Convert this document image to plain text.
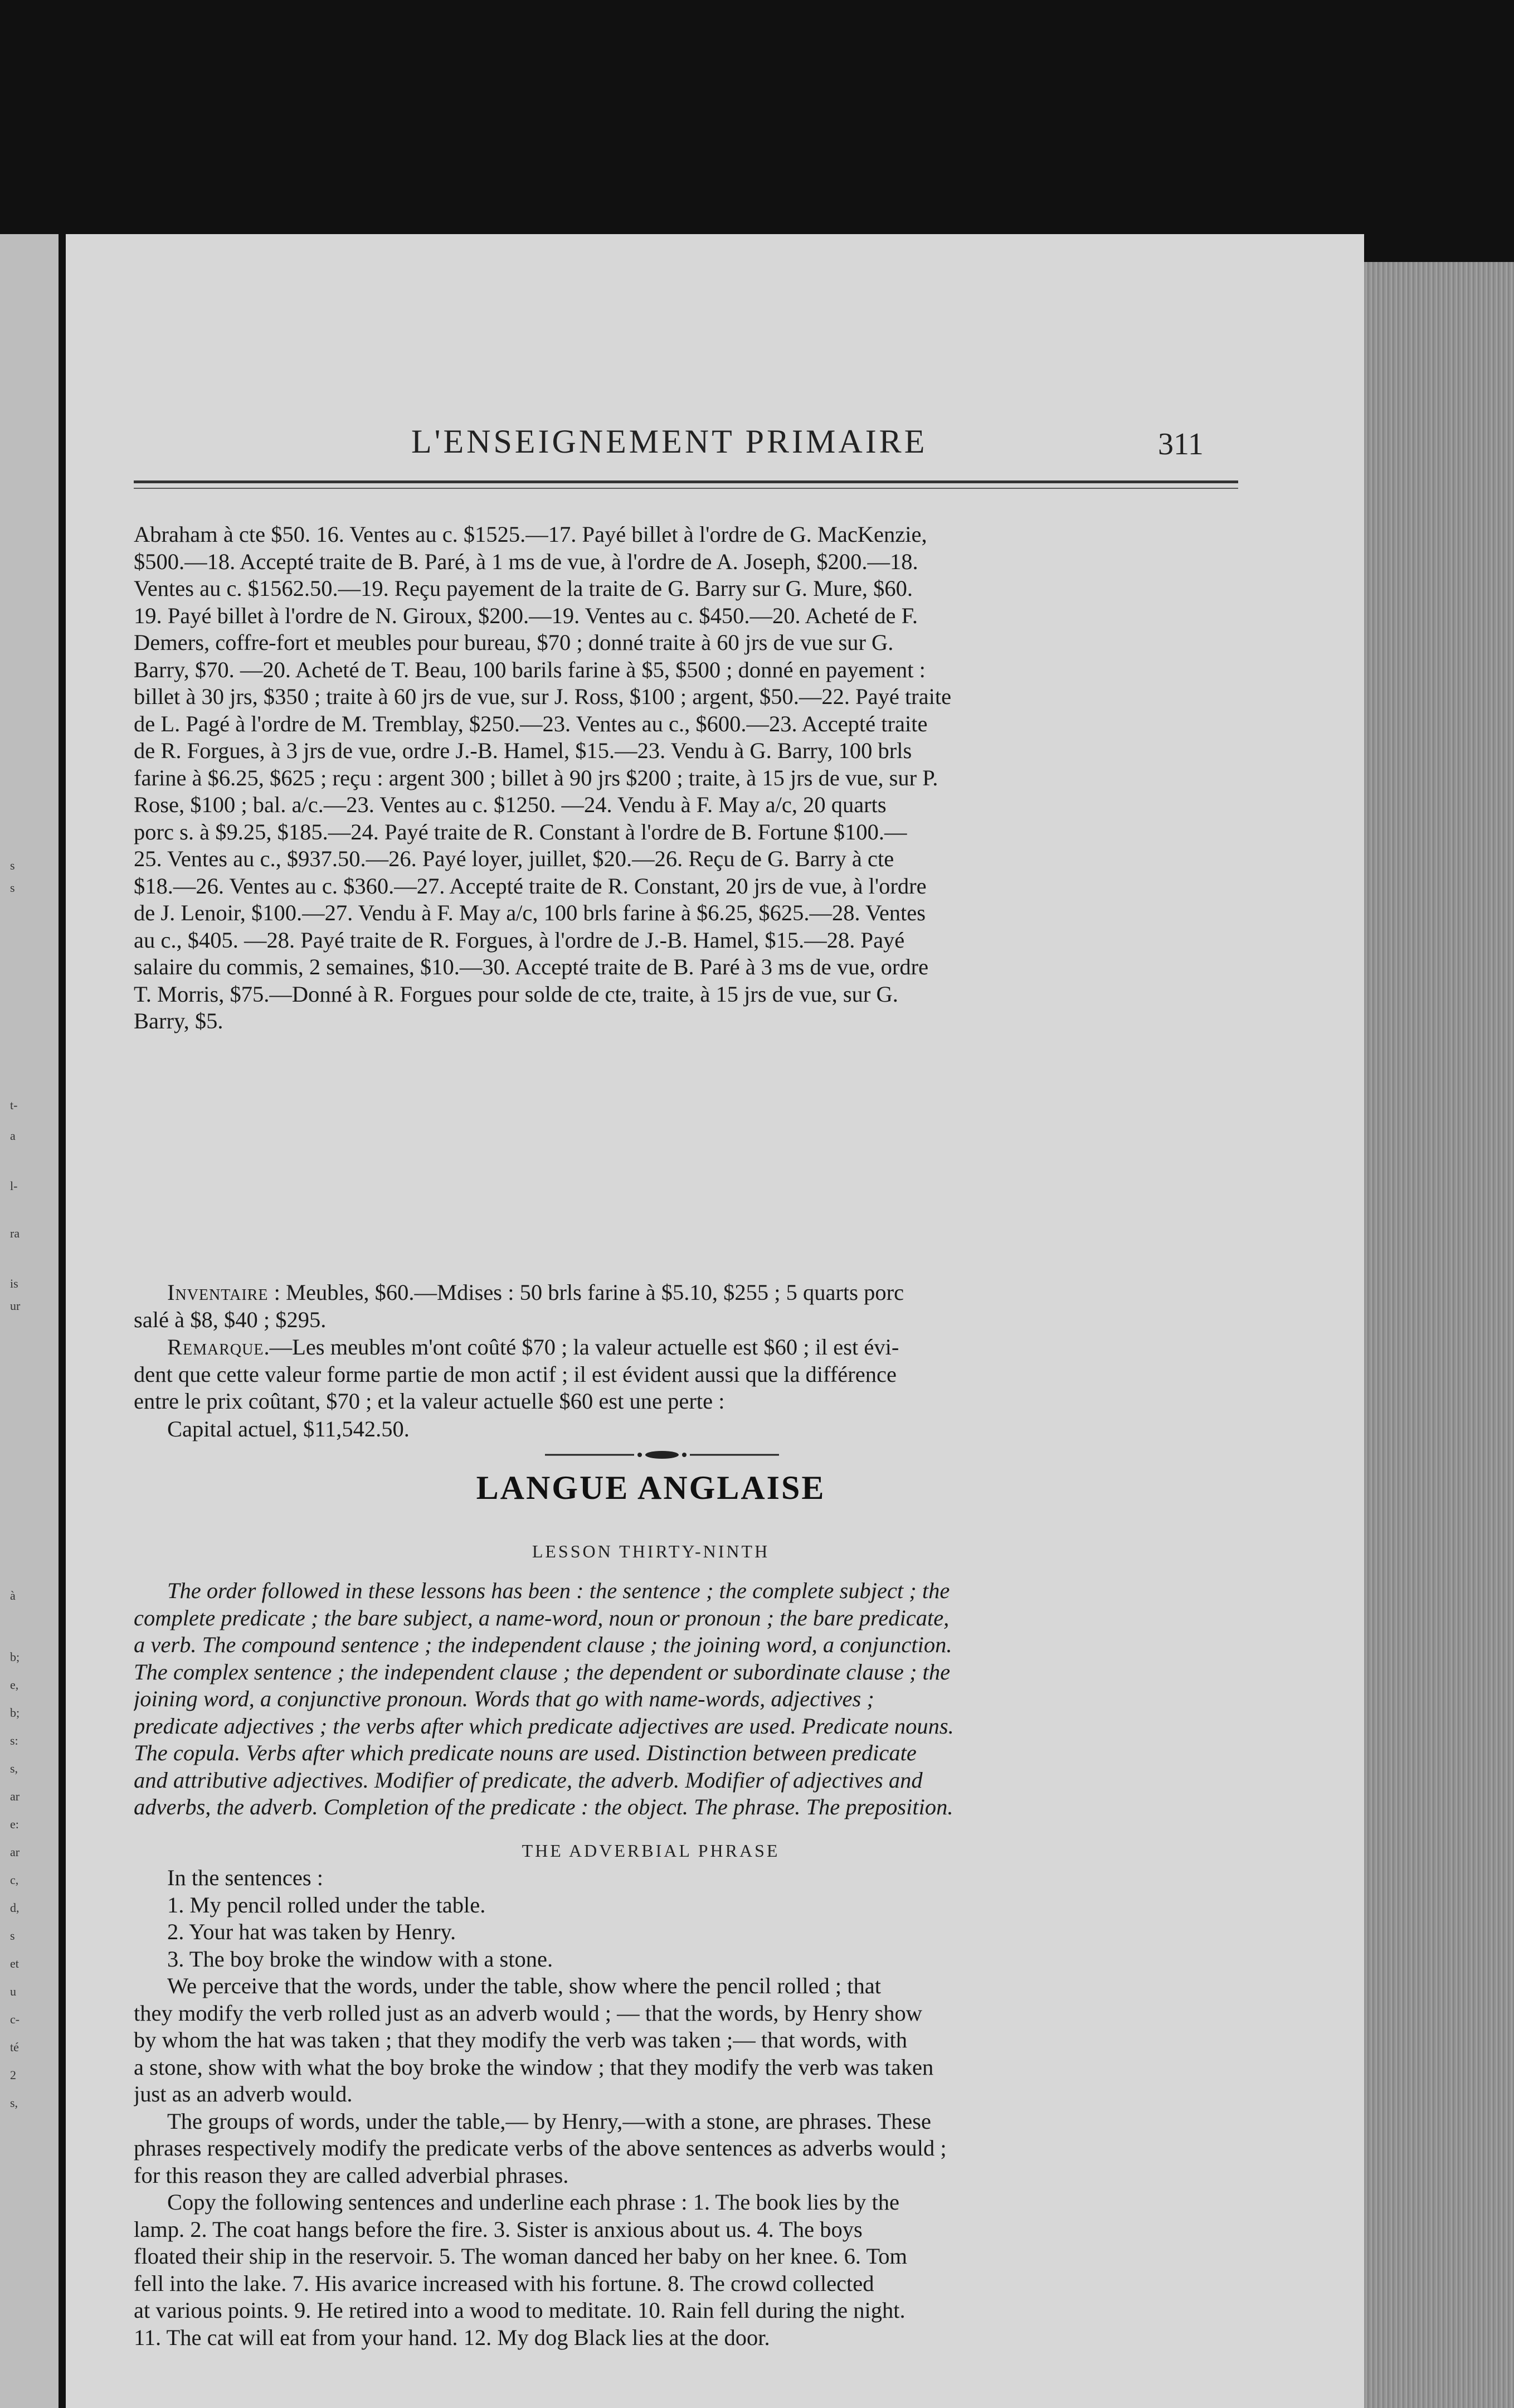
s
s
t-
a
l-
ra
is
ur
à
b;
e,
b;
s:
s,
ar
e:
ar
c,
d,
s
et
u
c-
té
2
s,
L'ENSEIGNEMENT PRIMAIRE	311
Abraham à cte $50. 16. Ventes au c. $1525.—17. Payé billet à l'ordre de G. MacKenzie,
$500.—18. Accepté traite de B. Paré, à 1 ms de vue, à l'ordre de A. Joseph, $200.—18.
Ventes au c. $1562.50.—19. Reçu payement de la traite de G. Barry sur G. Mure, $60.
19. Payé billet à l'ordre de N. Giroux, $200.—19. Ventes au c. $450.—20. Acheté de F.
Demers, coffre-fort et meubles pour bureau, $70 ; donné traite à 60 jrs de vue sur G.
Barry, $70. —20. Acheté de T. Beau, 100 barils farine à $5, $500 ; donné en payement :
billet à 30 jrs, $350 ; traite à 60 jrs de vue, sur J. Ross, $100 ; argent, $50.—22. Payé traite
de L. Pagé à l'ordre de M. Tremblay, $250.—23. Ventes au c., $600.—23. Accepté traite
de R. Forgues, à 3 jrs de vue, ordre J.-B. Hamel, $15.—23. Vendu à G. Barry, 100 brls
farine à $6.25, $625 ; reçu : argent 300 ; billet à 90 jrs $200 ; traite, à 15 jrs de vue, sur P.
Rose, $100 ; bal. a/c.—23. Ventes au c. $1250. —24. Vendu à F. May a/c, 20 quarts
porc s. à $9.25, $185.—24. Payé traite de R. Constant à l'ordre de B. Fortune $100.—
25. Ventes au c., $937.50.—26. Payé loyer, juillet, $20.—26. Reçu de G. Barry à cte
$18.—26. Ventes au c. $360.—27. Accepté traite de R. Constant, 20 jrs de vue, à l'ordre
de J. Lenoir, $100.—27. Vendu à F. May a/c, 100 brls farine à $6.25, $625.—28. Ventes
au c., $405. —28. Payé traite de R. Forgues, à l'ordre de J.-B. Hamel, $15.—28. Payé
salaire du commis, 2 semaines, $10.—30. Accepté traite de B. Paré à 3 ms de vue, ordre
T. Morris, $75.—Donné à R. Forgues pour solde de cte, traite, à 15 jrs de vue, sur G.
Barry, $5.
Inventaire : Meubles, $60.—Mdises : 50 brls farine à $5.10, $255 ; 5 quarts porc
salé à $8, $40 ; $295.
Remarque.—Les meubles m'ont coûté $70 ; la valeur actuelle est $60 ; il est évi-
dent que cette valeur forme partie de mon actif ; il est évident aussi que la différence
entre le prix coûtant, $70 ; et la valeur actuelle $60 est une perte :
Capital actuel, $11,542.50.
LANGUE ANGLAISE
LESSON THIRTY-NINTH
The order followed in these lessons has been : the sentence ; the complete subject ; the
complete predicate ; the bare subject, a name-word, noun or pronoun ; the bare predicate,
a verb. The compound sentence ; the independent clause ; the joining word, a conjunction.
The complex sentence ; the independent clause ; the dependent or subordinate clause ; the
joining word, a conjunctive pronoun. Words that go with name-words, adjectives ;
predicate adjectives ; the verbs after which predicate adjectives are used. Predicate nouns.
The copula. Verbs after which predicate nouns are used. Distinction between predicate
and attributive adjectives. Modifier of predicate, the adverb. Modifier of adjectives and
adverbs, the adverb. Completion of the predicate : the object. The phrase. The preposition.
THE ADVERBIAL PHRASE
In the sentences :
1. My pencil rolled under the table.
2. Your hat was taken by Henry.
3. The boy broke the window with a stone.
We perceive that the words, under the table, show where the pencil rolled ; that
they modify the verb rolled just as an adverb would ; — that the words, by Henry show
by whom the hat was taken ; that they modify the verb was taken ;— that words, with
a stone, show with what the boy broke the window ; that they modify the verb was taken
just as an adverb would.
The groups of words, under the table,— by Henry,—with a stone, are phrases. These
phrases respectively modify the predicate verbs of the above sentences as adverbs would ;
for this reason they are called adverbial phrases.
Copy the following sentences and underline each phrase : 1. The book lies by the
lamp. 2. The coat hangs before the fire. 3. Sister is anxious about us. 4. The boys
floated their ship in the reservoir. 5. The woman danced her baby on her knee. 6. Tom
fell into the lake. 7. His avarice increased with his fortune. 8. The crowd collected
at various points. 9. He retired into a wood to meditate. 10. Rain fell during the night.
11. The cat will eat from your hand. 12. My dog Black lies at the door.
